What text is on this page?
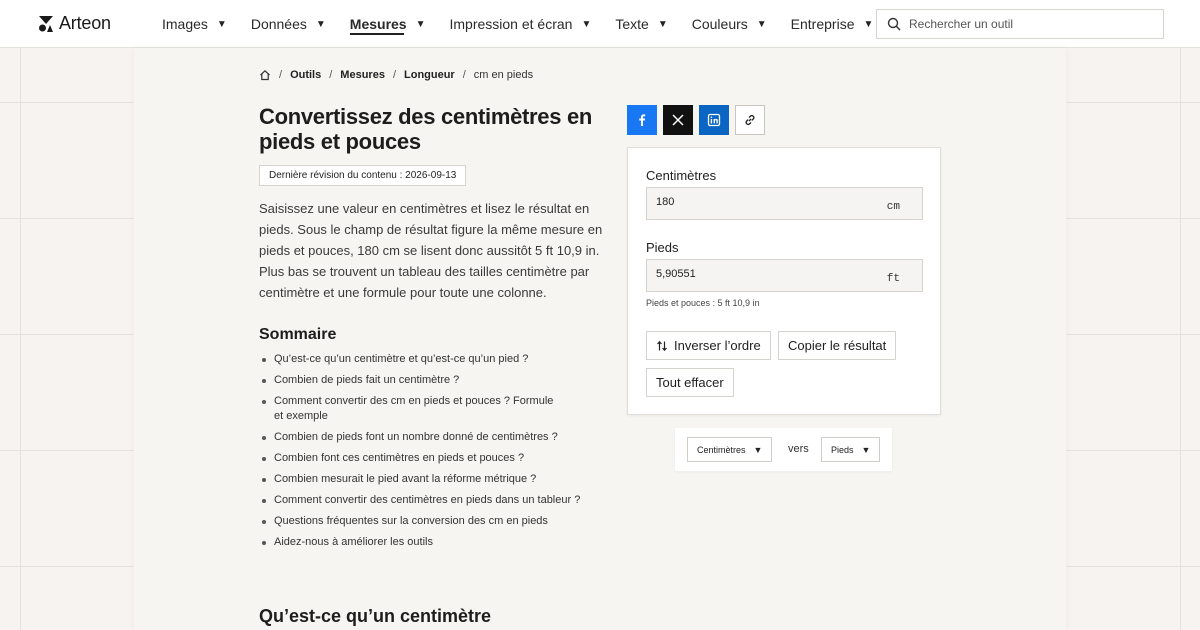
Arteon	Images ▼ Données ▼ Mesures ▼ Impression et écran ▼ Texte ▼ Couleurs ▼ Entreprise ▼
Rechercher un outil
/ Outils / Mesures / Longueur / cm en pieds
Convertissez des centimètres en pieds et pouces
Dernière révision du contenu : 2026-09-13

Saisissez une valeur en centimètres et lisez le résultat en pieds. Sous le champ de résultat figure la même mesure en pieds et pouces, 180 cm se lisent donc aussitôt 5 ft 10,9 in. Plus bas se trouvent un tableau des tailles centimètre par centimètre et une formule pour toute une colonne.

Sommaire
Qu’est-ce qu’un centimètre et qu’est-ce qu’un pied ?
Combien de pieds fait un centimètre ?
Comment convertir des cm en pieds et pouces ? Formule et exemple
Combien de pieds font un nombre donné de centimètres ?
Combien font ces centimètres en pieds et pouces ?
Combien mesurait le pied avant la réforme métrique ?
Comment convertir des centimètres en pieds dans un tableur ?
Questions fréquentes sur la conversion des cm en pieds
Aidez-nous à améliorer les outils
Qu’est-ce qu’un centimètre
Centimètres
180
cm
Pieds
5,90551
ft
Pieds et pouces : 5 ft 10,9 in
Inverser l’ordre	Copier le résultat
Tout effacer
Centimètres ▼ vers Pieds ▼
